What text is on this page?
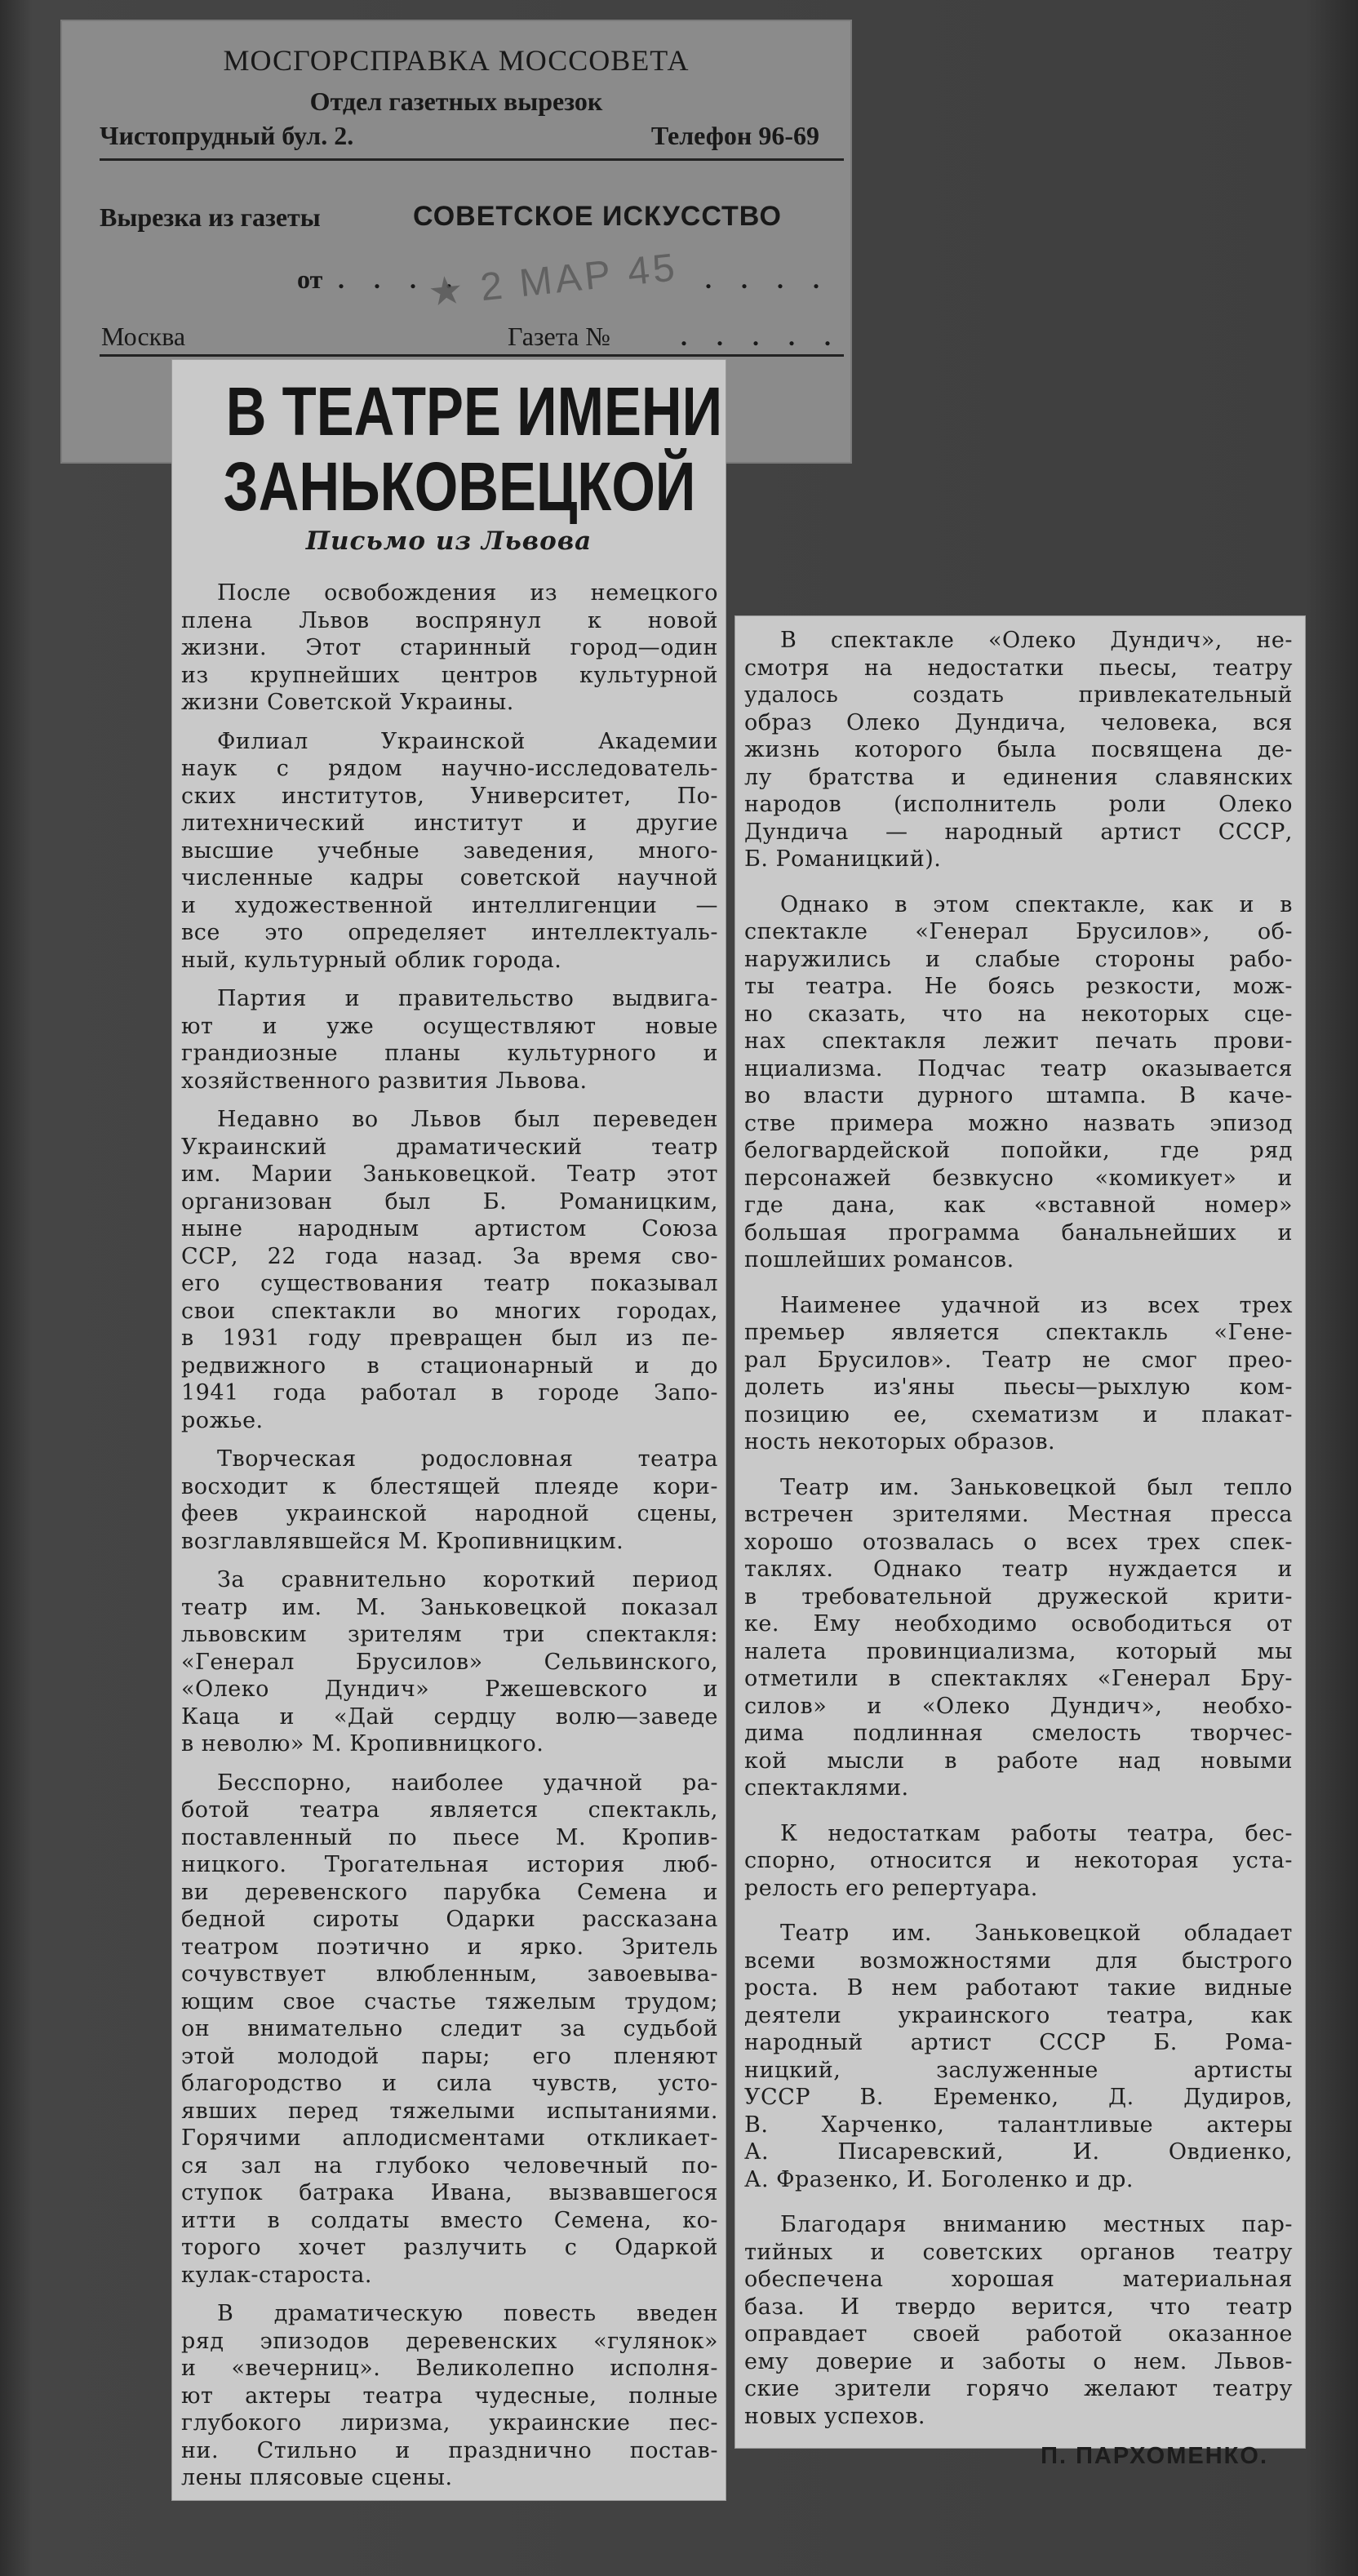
МОСГОРСПРАВКА МОССОВЕТА
Отдел газетных вырезок
Чистопрудный бул. 2.	Телефон 96-69
Вырезка из газеты	СОВЕТСКОЕ ИСКУССТВО
от . . . .
★ 2 МАР 45 . . . .
Москва	Газета №	. . . . .
В ТЕАТРЕ ИМЕНИ
ЗАНЬКОВЕЦКОЙ
Письмо из Львова
После освобождения из немецкого
плена Львов воспрянул к новой
жизни. Этот старинный город—один
из крупнейших центров культурной
жизни Советской Украины.
Филиал Украинской Академии
наук с рядом научно-исследователь-
ских институтов, Университет, По-
литехнический институт и другие
высшие учебные заведения, много-
численные кадры советской научной
и художественной интеллигенции —
все это определяет интеллектуаль-
ный, культурный облик города.
Партия и правительство выдвига-
ют и уже осуществляют новые
грандиозные планы культурного и
хозяйственного развития Львова.
Недавно во Львов был переведен
Украинский драматический театр
им. Марии Заньковецкой. Театр этот
организован был Б. Романицким,
ныне народным артистом Союза
ССР, 22 года назад. За время сво-
его существования театр показывал
свои спектакли во многих городах,
в 1931 году превращен был из пе-
редвижного в стационарный и до
1941 года работал в городе Запо-
рожье.
Творческая родословная театра
восходит к блестящей плеяде кори-
феев украинской народной сцены,
возглавлявшейся М. Кропивницким.
За сравнительно короткий период
театр им. М. Заньковецкой показал
львовским зрителям три спектакля:
«Генерал Брусилов» Сельвинского,
«Олеко Дундич» Ржешевского и
Каца и «Дай сердцу волю—заведе
в неволю» М. Кропивницкого.
Бесспорно, наиболее удачной ра-
ботой театра является спектакль,
поставленный по пьесе М. Кропив-
ницкого. Трогательная история люб-
ви деревенского парубка Семена и
бедной сироты Одарки рассказана
театром поэтично и ярко. Зритель
сочувствует влюбленным, завоевыва-
ющим свое счастье тяжелым трудом;
он внимательно следит за судьбой
этой молодой пары; его пленяют
благородство и сила чувств, усто-
явших перед тяжелыми испытаниями.
Горячими аплодисментами откликает-
ся зал на глубоко человечный по-
ступок батрака Ивана, вызвавшегося
итти в солдаты вместо Семена, ко-
торого хочет разлучить с Одаркой
кулак-староста.
В драматическую повесть введен
ряд эпизодов деревенских «гулянок»
и «вечерниц». Великолепно исполня-
ют актеры театра чудесные, полные
глубокого лиризма, украинские пес-
ни. Стильно и празднично постав-
лены плясовые сцены.
В спектакле «Олеко Дундич», не-
смотря на недостатки пьесы, театру
удалось создать привлекательный
образ Олеко Дундича, человека, вся
жизнь которого была посвящена де-
лу братства и единения славянских
народов (исполнитель роли Олеко
Дундича — народный артист СССР,
Б. Романицкий).
Однако в этом спектакле, как и в
спектакле «Генерал Брусилов», об-
наружились и слабые стороны рабо-
ты театра. Не боясь резкости, мож-
но сказать, что на некоторых сце-
нах спектакля лежит печать прови-
нциализма. Подчас театр оказывается
во власти дурного штампа. В каче-
стве примера можно назвать эпизод
белогвардейской попойки, где ряд
персонажей безвкусно «комикует» и
где дана, как «вставной номер»
большая программа банальнейших и
пошлейших романсов.
Наименее удачной из всех трех
премьер является спектакль «Гене-
рал Брусилов». Театр не смог прео-
долеть из'яны пьесы—рыхлую ком-
позицию ее, схематизм и плакат-
ность некоторых образов.
Театр им. Заньковецкой был тепло
встречен зрителями. Местная пресса
хорошо отозвалась о всех трех спек-
таклях. Однако театр нуждается и
в требовательной дружеской крити-
ке. Ему необходимо освободиться от
налета провинциализма, который мы
отметили в спектаклях «Генерал Бру-
силов» и «Олеко Дундич», необхо-
дима подлинная смелость творчес-
кой мысли в работе над новыми
спектаклями.
К недостаткам работы театра, бес-
спорно, относится и некоторая уста-
релость его репертуара.
Театр им. Заньковецкой обладает
всеми возможностями для быстрого
роста. В нем работают такие видные
деятели украинского театра, как
народный артист СССР Б. Рома-
ницкий, заслуженные артисты
УССР В. Еременко, Д. Дудиров,
В. Харченко, талантливые актеры
А. Писаревский, И. Овдиенко,
А. Фразенко, И. Боголенко и др.
Благодаря вниманию местных пар-
тийных и советских органов театру
обеспечена хорошая материальная
база. И твердо верится, что театр
оправдает своей работой оказанное
ему доверие и заботы о нем. Львов-
ские зрители горячо желают театру
новых успехов.
П. ПАРХОМЕНКО.
